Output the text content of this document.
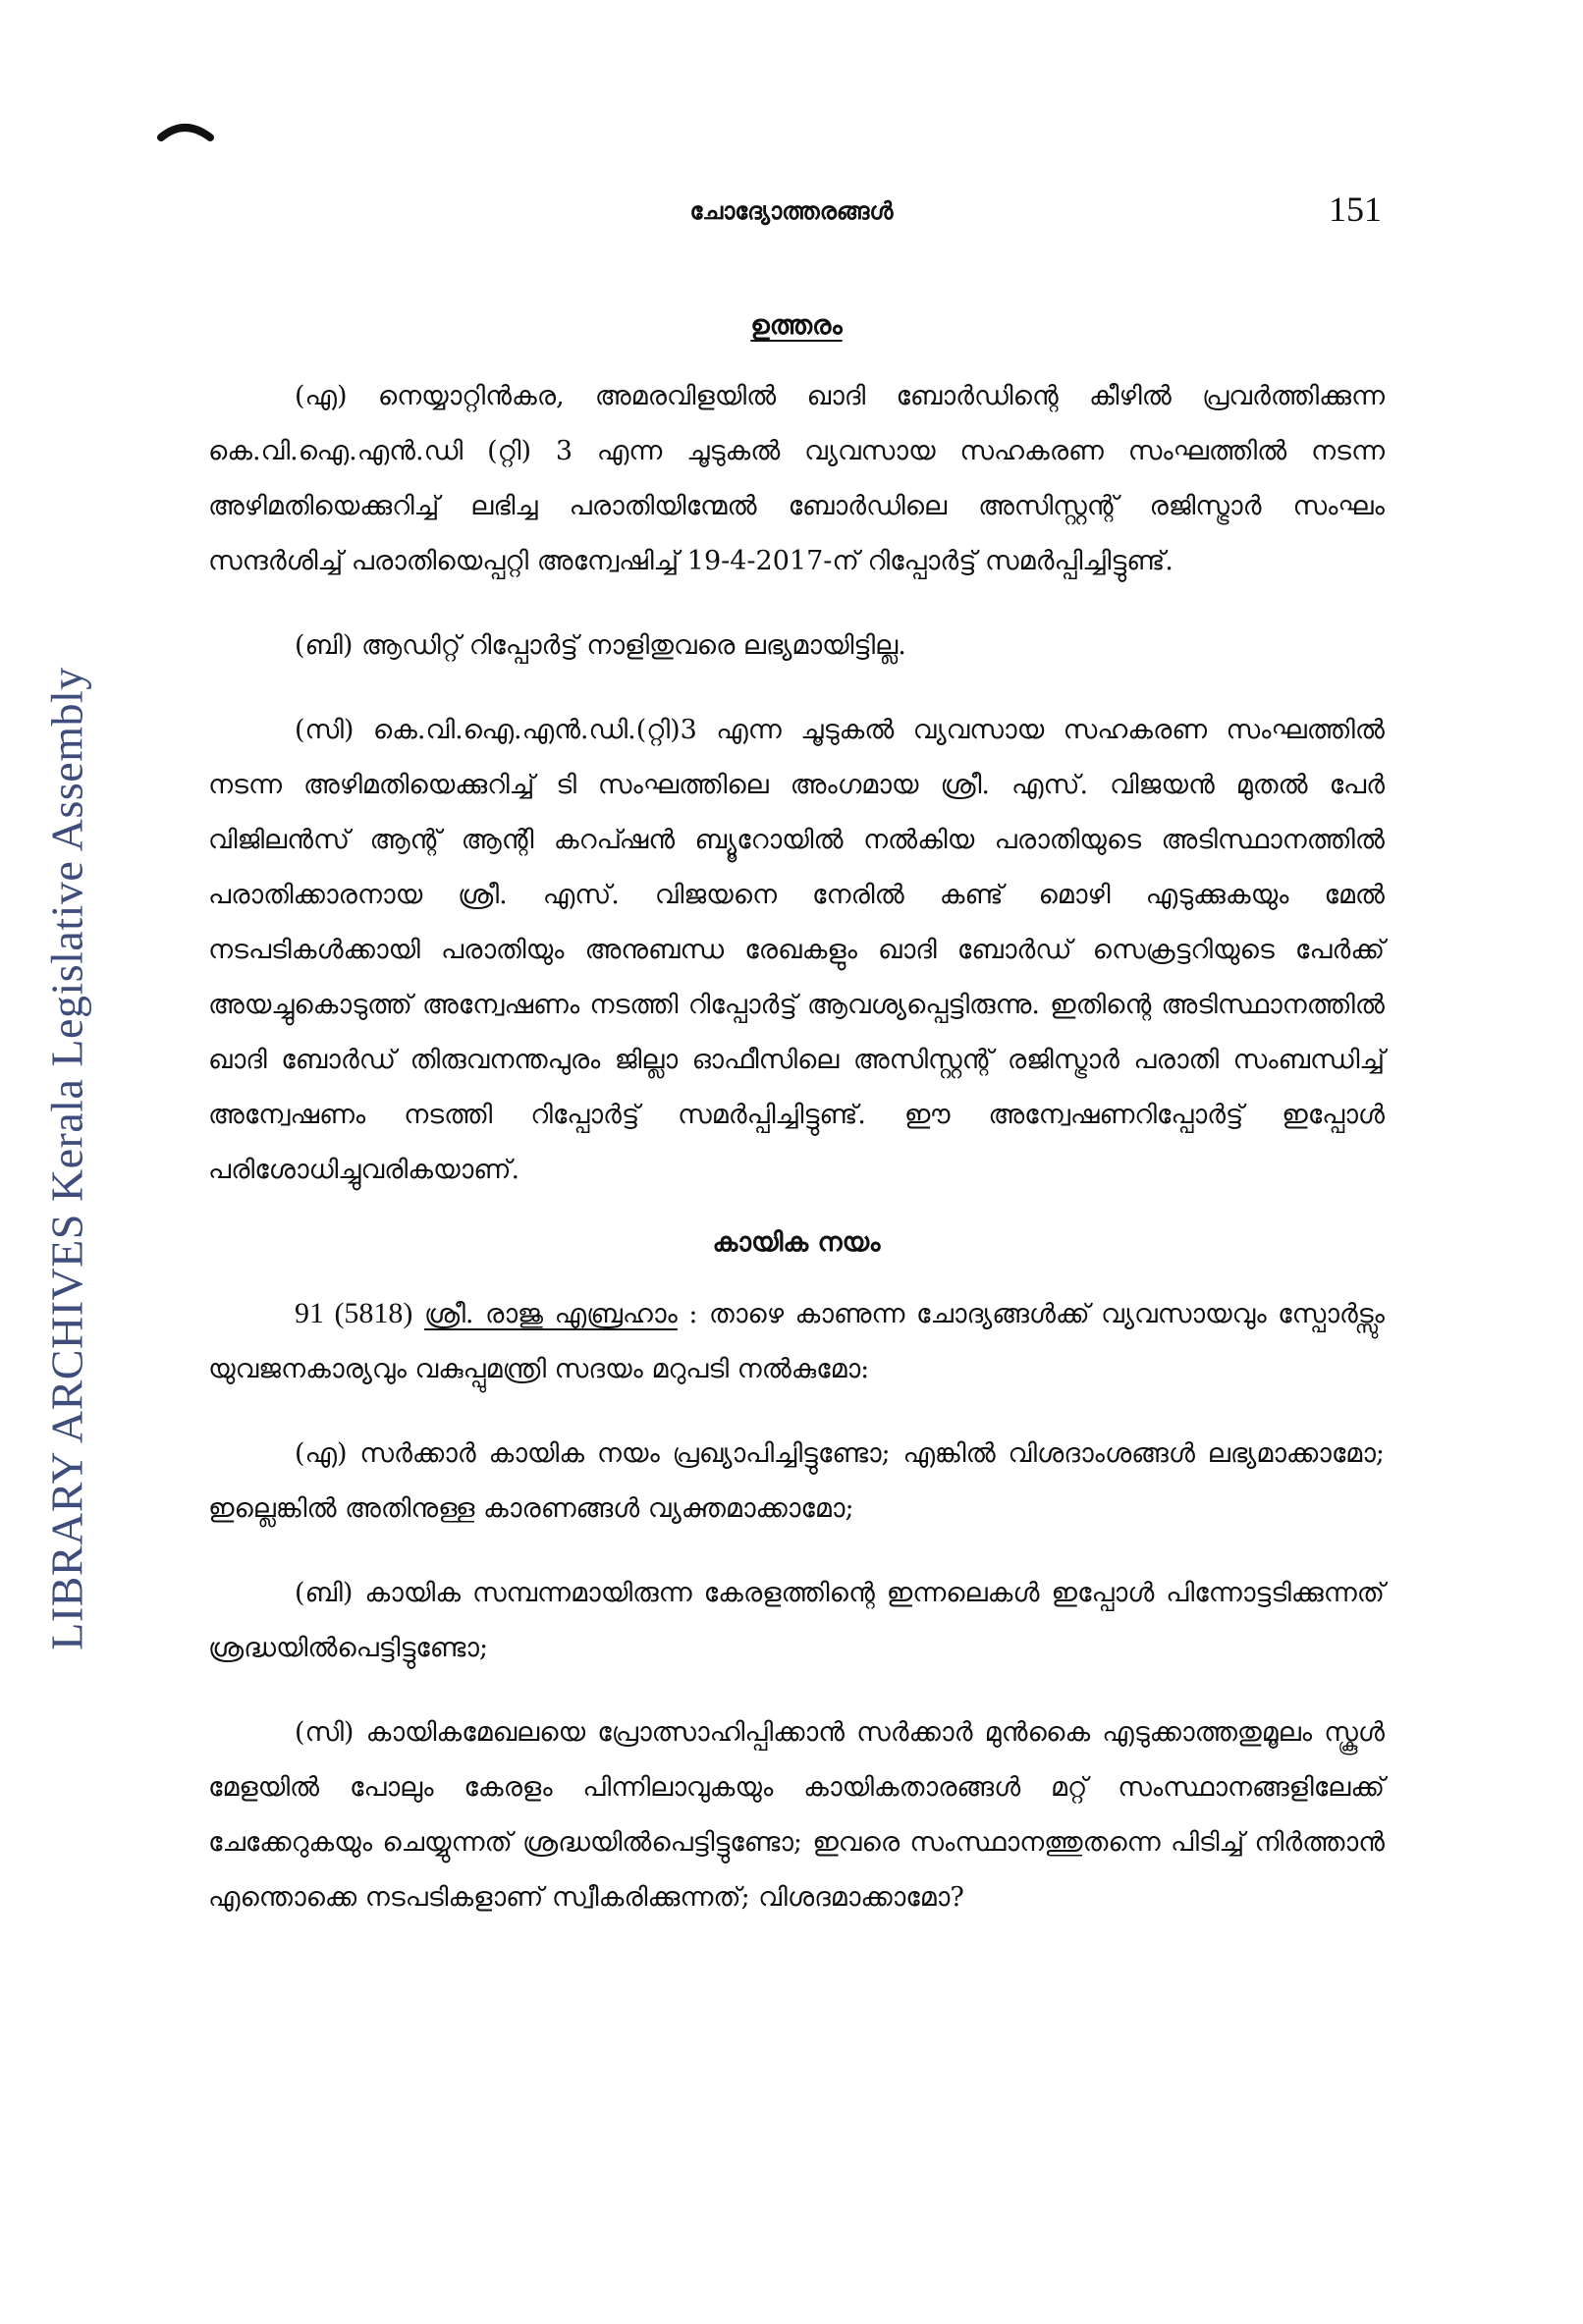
LIBRARY ARCHIVES Kerala Legislative Assembly
ചോദ്യോത്തരങ്ങൾ	151
ഉത്തരം

(എ) നെയ്യാറ്റിൻകര, അമരവിളയിൽ ഖാദി ബോർഡിന്റെ കീഴിൽ പ്രവർത്തിക്കുന്ന കെ.വി.ഐ.എൻ.ഡി (റ്റി) 3 എന്ന ചൂടുകൽ വ്യവസായ സഹകരണ സംഘത്തിൽ നടന്ന അഴിമതിയെക്കുറിച്ച് ലഭിച്ച പരാതിയിന്മേൽ ബോർഡിലെ അസിസ്റ്റന്റ് രജിസ്ട്രാർ സംഘം സന്ദർശിച്ച് പരാതിയെപ്പറ്റി അന്വേഷിച്ച് 19-4-2017-ന് റിപ്പോർട്ട് സമർപ്പിച്ചിട്ടുണ്ട്.

(ബി) ആഡിറ്റ് റിപ്പോർട്ട് നാളിതുവരെ ലഭ്യമായിട്ടില്ല.

(സി) കെ.വി.ഐ.എൻ.ഡി.(റ്റി)3 എന്ന ചൂടുകൽ വ്യവസായ സഹകരണ സംഘത്തിൽ നടന്ന അഴിമതിയെക്കുറിച്ച് ടി സംഘത്തിലെ അംഗമായ ശ്രീ. എസ്. വിജയൻ മുതൽ പേർ വിജിലൻസ് ആന്റ് ആന്റി കറപ്ഷൻ ബ്യൂറോയിൽ നൽകിയ പരാതിയുടെ അടിസ്ഥാനത്തിൽ പരാതിക്കാരനായ ശ്രീ. എസ്. വിജയനെ നേരിൽ കണ്ട് മൊഴി എടുക്കുകയും മേൽ നടപടികൾക്കായി പരാതിയും അനുബന്ധ രേഖകളും ഖാദി ബോർഡ് സെക്രട്ടറിയുടെ പേർക്ക് അയച്ചുകൊടുത്ത് അന്വേഷണം നടത്തി റിപ്പോർട്ട് ആവശ്യപ്പെട്ടിരുന്നു. ഇതിന്റെ അടിസ്ഥാനത്തിൽ ഖാദി ബോർഡ് തിരുവനന്തപുരം ജില്ലാ ഓഫീസിലെ അസിസ്റ്റന്റ് രജിസ്ട്രാർ പരാതി സംബന്ധിച്ച് അന്വേഷണം നടത്തി റിപ്പോർട്ട് സമർപ്പിച്ചിട്ടുണ്ട്. ഈ അന്വേഷണറിപ്പോർട്ട് ഇപ്പോൾ പരിശോധിച്ചുവരികയാണ്.

കായിക നയം

91 (5818) ശ്രീ. രാജു എബ്രഹാം : താഴെ കാണുന്ന ചോദ്യങ്ങൾക്ക് വ്യവസായവും സ്പോർട്സും യുവജനകാര്യവും വകുപ്പുമന്ത്രി സദയം മറുപടി നൽകുമോ:

(എ) സർക്കാർ കായിക നയം പ്രഖ്യാപിച്ചിട്ടുണ്ടോ; എങ്കിൽ വിശദാംശങ്ങൾ ലഭ്യമാക്കാമോ; ഇല്ലെങ്കിൽ അതിനുള്ള കാരണങ്ങൾ വ്യക്തമാക്കാമോ;

(ബി) കായിക സമ്പന്നമായിരുന്ന കേരളത്തിന്റെ ഇന്നലെകൾ ഇപ്പോൾ പിന്നോട്ടടിക്കുന്നത് ശ്രദ്ധയിൽപെട്ടിട്ടുണ്ടോ;

(സി) കായികമേഖലയെ പ്രോത്സാഹിപ്പിക്കാൻ സർക്കാർ മുൻകൈ എടുക്കാത്തതുമൂലം സ്കൂൾ മേളയിൽ പോലും കേരളം പിന്നിലാവുകയും കായികതാരങ്ങൾ മറ്റ് സംസ്ഥാനങ്ങളിലേക്ക് ചേക്കേറുകയും ചെയ്യുന്നത് ശ്രദ്ധയിൽപെട്ടിട്ടുണ്ടോ; ഇവരെ സംസ്ഥാനത്തുതന്നെ പിടിച്ച് നിർത്താൻ എന്തൊക്കെ നടപടികളാണ് സ്വീകരിക്കുന്നത്; വിശദമാക്കാമോ?
